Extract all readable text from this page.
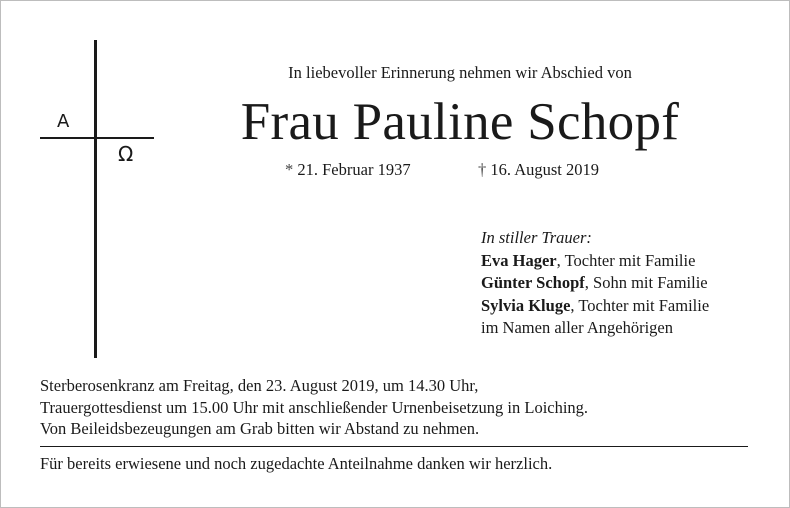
A
Ω
In liebevoller Erinnerung nehmen wir Abschied von
Frau Pauline Schopf
* 21. Februar 1937	† 16. August 2019
In stiller Trauer:
Eva Hager, Tochter mit Familie
Günter Schopf, Sohn mit Familie
Sylvia Kluge, Tochter mit Familie
im Namen aller Angehörigen
Sterberosenkranz am Freitag, den 23. August 2019, um 14.30 Uhr,
Trauergottesdienst um 15.00 Uhr mit anschließender Urnenbeisetzung in Loiching.
Von Beileidsbezeugungen am Grab bitten wir Abstand zu nehmen.
Für bereits erwiesene und noch zugedachte Anteilnahme danken wir herzlich.
